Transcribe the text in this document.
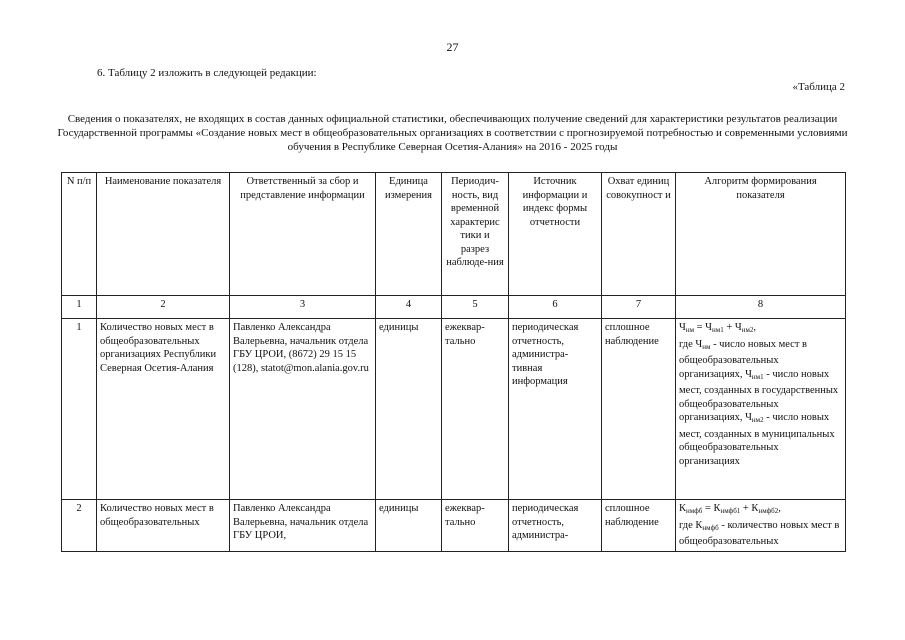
27
6. Таблицу 2 изложить в следующей редакции:
«Таблица 2
Сведения о показателях, не входящих в состав данных официальной статистики, обеспечивающих получение сведений для характеристики результатов реализации Государственной программы «Создание новых мест в общеобразовательных организациях в соответствии с прогнозируемой потребностью и современными условиями обучения в Республике Северная Осетия-Алания» на 2016 - 2025 годы
N п/п	Наименование показателя	Ответственный за сбор и представление информации	Единица измерения	Периодич-ность, вид временной характерис тики и разрез наблюде-ния	Источник информации и индекс формы отчетности	Охват единиц совокупност и	Алгоритм формирования показателя
1	2	3	4	5	6	7	8
1	Количество новых мест в общеобразовательных организациях Республики Северная Осетия-Алания	Павленко Александра Валерьевна, начальник отдела ГБУ ЦРОИ, (8672) 29 15 15 (128), statot@mon.alania.gov.ru	единицы	ежеквар-тально	периодическая отчетность, администра-тивная информация	сплошное наблюдение	$Ч_{нм} = Ч_{нм1} + Ч_{нм2}$,
где $Ч_{нм}$ - число новых мест в общеобразовательных организациях, $Ч_{нм1}$ - число новых мест, созданных в государственных общеобразовательных организациях, $Ч_{нм2}$ - число новых мест, созданных в муниципальных общеобразовательных организациях
2	Количество новых мест в общеобразовательных	Павленко Александра Валерьевна, начальник отдела ГБУ ЦРОИ,	единицы	ежеквар-тально	периодическая отчетность, администра-	сплошное наблюдение	$К_{нмфб} = К_{нмфб1} + К_{нмфб2}$,
где $К_{нмфб}$ - количество новых мест в общеобразовательных
